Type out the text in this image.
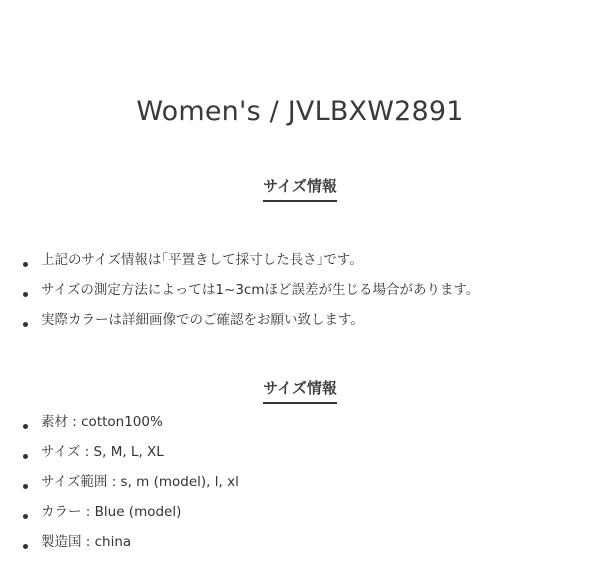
Women's / JVLBXW2891
サイズ情報
上記のサイズ情報は｢平置きして採寸した長さ｣です。
サイズの測定方法によっては1~3cmほど誤差が生じる場合があります。
実際カラーは詳細画像でのご確認をお願い致します。
サイズ情報
素材 : cotton100%
サイズ : S, M, L, XL
サイズ範囲 : s, m (model), l, xl
カラー : Blue (model)
製造国 : china
